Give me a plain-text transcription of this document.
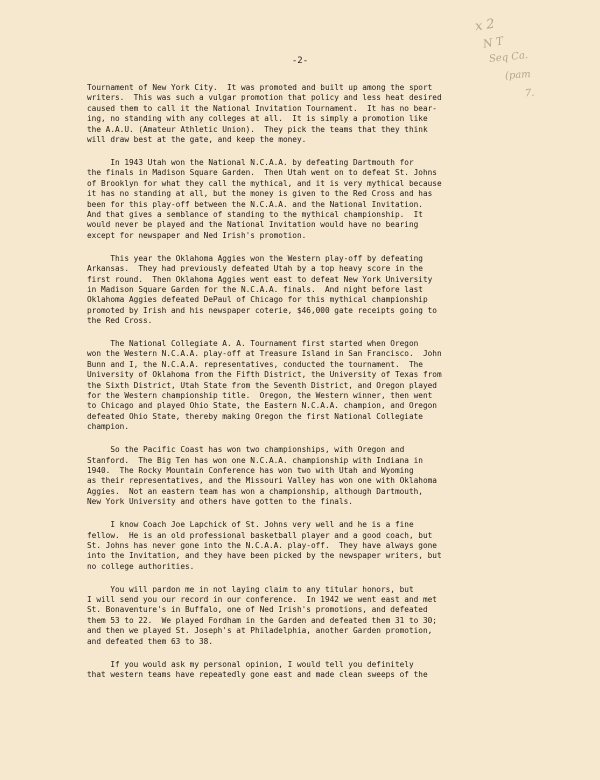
x 2
N T
Seq Ca.
(pam
7.
-2-
Tournament of New York City.  It was promoted and built up among the sport
writers.  This was such a vulgar promotion that policy and less heat desired
caused them to call it the National Invitation Tournament.  It has no bear-
ing, no standing with any colleges at all.  It is simply a promotion like
the A.A.U. (Amateur Athletic Union).  They pick the teams that they think
will draw best at the gate, and keep the money.
In 1943 Utah won the National N.C.A.A. by defeating Dartmouth for
the finals in Madison Square Garden.  Then Utah went on to defeat St. Johns
of Brooklyn for what they call the mythical, and it is very mythical because
it has no standing at all, but the money is given to the Red Cross and has
been for this play-off between the N.C.A.A. and the National Invitation.
And that gives a semblance of standing to the mythical championship.  It
would never be played and the National Invitation would have no bearing
except for newspaper and Ned Irish's promotion.
This year the Oklahoma Aggies won the Western play-off by defeating
Arkansas.  They had previously defeated Utah by a top heavy score in the
first round.  Then Oklahoma Aggies went east to defeat New York University
in Madison Square Garden for the N.C.A.A. finals.  And night before last
Oklahoma Aggies defeated DePaul of Chicago for this mythical championship
promoted by Irish and his newspaper coterie, $46,000 gate receipts going to
the Red Cross.
The National Collegiate A. A. Tournament first started when Oregon
won the Western N.C.A.A. play-off at Treasure Island in San Francisco.  John
Bunn and I, the N.C.A.A. representatives, conducted the tournament.  The
University of Oklahoma from the Fifth District, the University of Texas from
the Sixth District, Utah State from the Seventh District, and Oregon played
for the Western championship title.  Oregon, the Western winner, then went
to Chicago and played Ohio State, the Eastern N.C.A.A. champion, and Oregon
defeated Ohio State, thereby making Oregon the first National Collegiate
champion.
So the Pacific Coast has won two championships, with Oregon and
Stanford.  The Big Ten has won one N.C.A.A. championship with Indiana in
1940.  The Rocky Mountain Conference has won two with Utah and Wyoming
as their representatives, and the Missouri Valley has won one with Oklahoma
Aggies.  Not an eastern team has won a championship, although Dartmouth,
New York University and others have gotten to the finals.
I know Coach Joe Lapchick of St. Johns very well and he is a fine
fellow.  He is an old professional basketball player and a good coach, but
St. Johns has never gone into the N.C.A.A. play-off.  They have always gone
into the Invitation, and they have been picked by the newspaper writers, but
no college authorities.
You will pardon me in not laying claim to any titular honors, but
I will send you our record in our conference.  In 1942 we went east and met
St. Bonaventure's in Buffalo, one of Ned Irish's promotions, and defeated
them 53 to 22.  We played Fordham in the Garden and defeated them 31 to 30;
and then we played St. Joseph's at Philadelphia, another Garden promotion,
and defeated them 63 to 38.
If you would ask my personal opinion, I would tell you definitely
that western teams have repeatedly gone east and made clean sweeps of the
